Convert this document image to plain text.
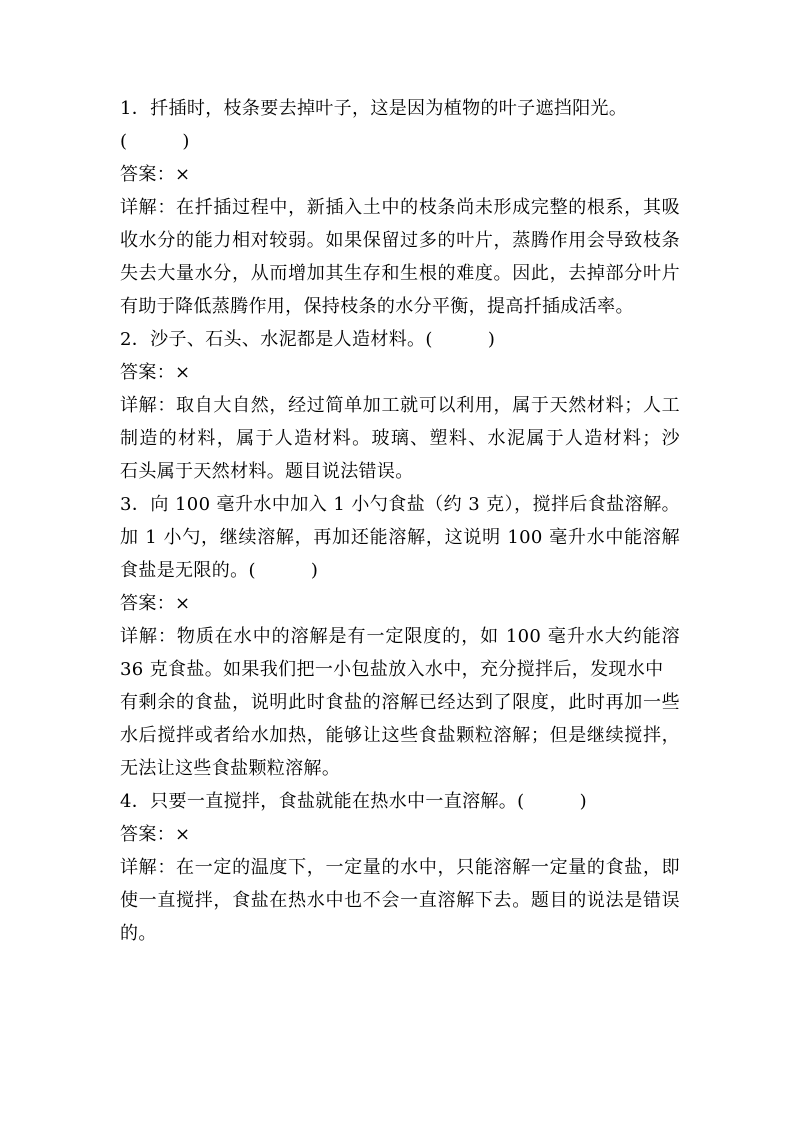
1．扦插时，枝条要去掉叶子，这是因为植物的叶子遮挡阳光。
(　　　)
答案：×
详解：在扦插过程中，新插入土中的枝条尚未形成完整的根系，其吸
收水分的能力相对较弱。如果保留过多的叶片，蒸腾作用会导致枝条
失去大量水分，从而增加其生存和生根的难度。因此，去掉部分叶片
有助于降低蒸腾作用，保持枝条的水分平衡，提高扦插成活率。
2．沙子、石头、水泥都是人造材料。(　　　)
答案：×
详解：取自大自然，经过简单加工就可以利用，属于天然材料；人工
制造的材料，属于人造材料。玻璃、塑料、水泥属于人造材料；沙
石头属于天然材料。题目说法错误。
3．向 100 毫升水中加入 1 小勺食盐（约 3 克），搅拌后食盐溶解。
加 1 小勺，继续溶解，再加还能溶解，这说明 100 毫升水中能溶解
食盐是无限的。(　　　)
答案：×
详解：物质在水中的溶解是有一定限度的，如 100 毫升水大约能溶
36 克食盐。如果我们把一小包盐放入水中，充分搅拌后，发现水中
有剩余的食盐，说明此时食盐的溶解已经达到了限度，此时再加一些
水后搅拌或者给水加热，能够让这些食盐颗粒溶解；但是继续搅拌，
无法让这些食盐颗粒溶解。
4．只要一直搅拌，食盐就能在热水中一直溶解。(　　　)
答案：×
详解：在一定的温度下，一定量的水中，只能溶解一定量的食盐，即
使一直搅拌，食盐在热水中也不会一直溶解下去。题目的说法是错误
的。
